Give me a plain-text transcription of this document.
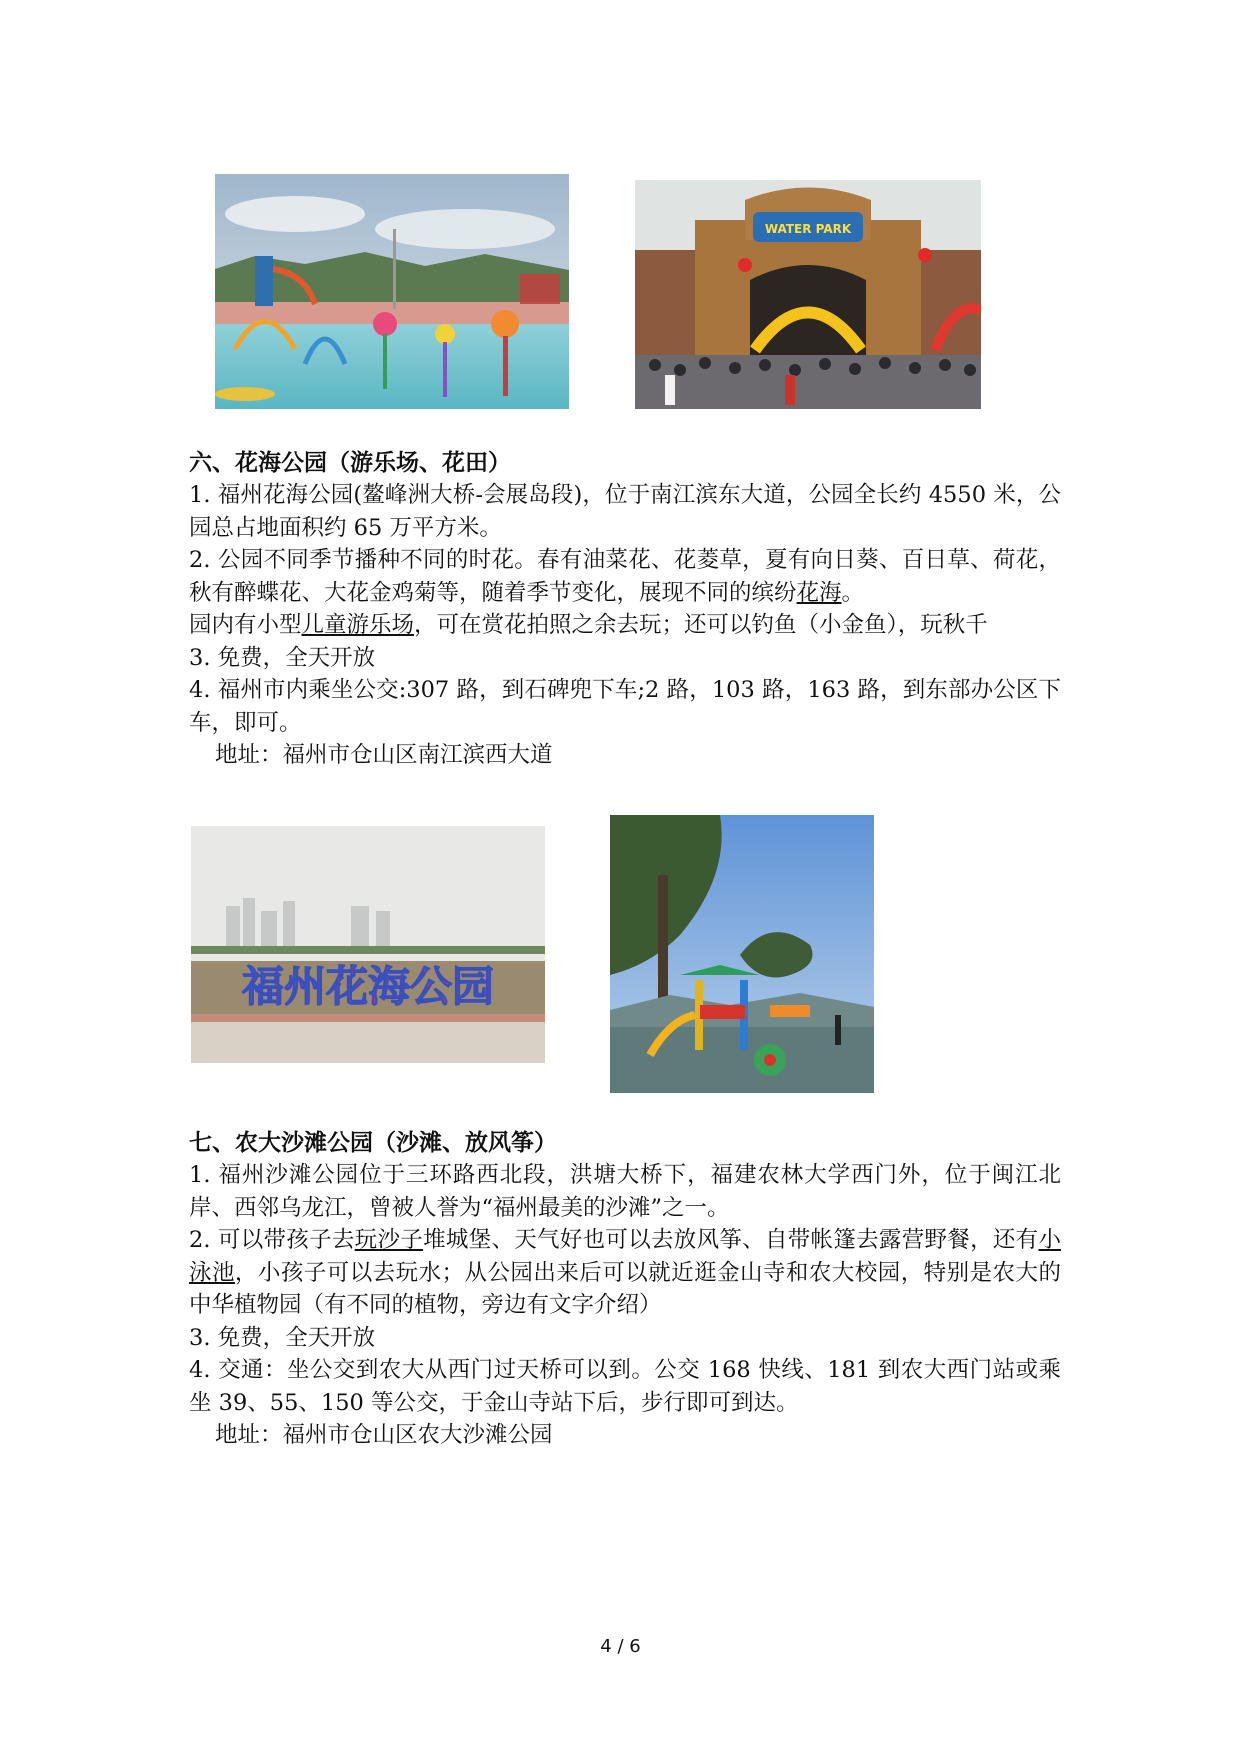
WATER PARK

六、花海公园（游乐场、花田）

1. 福州花海公园(鳌峰洲大桥-会展岛段)，位于南江滨东大道，公园全长约 4550 米，公园总占地面积约 65 万平方米。

2. 公园不同季节播种不同的时花。春有油菜花、花菱草，夏有向日葵、百日草、荷花，秋有醉蝶花、大花金鸡菊等，随着季节变化，展现不同的缤纷花海。

园内有小型儿童游乐场，可在赏花拍照之余去玩；还可以钓鱼（小金鱼），玩秋千

3. 免费，全天开放

4. 福州市内乘坐公交:307 路，到石碑兜下车;2 路，103 路，163 路，到东部办公区下车，即可。

地址：福州市仓山区南江滨西大道

福州花海公园

七、农大沙滩公园（沙滩、放风筝）

1. 福州沙滩公园位于三环路西北段，洪塘大桥下，福建农林大学西门外，位于闽江北岸、西邻乌龙江，曾被人誉为“福州最美的沙滩”之一。

2. 可以带孩子去玩沙子堆城堡、天气好也可以去放风筝、自带帐篷去露营野餐，还有小泳池，小孩子可以去玩水；从公园出来后可以就近逛金山寺和农大校园，特别是农大的中华植物园（有不同的植物，旁边有文字介绍）

3. 免费，全天开放

4. 交通：坐公交到农大从西门过天桥可以到。公交 168 快线、181 到农大西门站或乘坐 39、55、150 等公交，于金山寺站下后，步行即可到达。

地址：福州市仓山区农大沙滩公园

4 / 6
